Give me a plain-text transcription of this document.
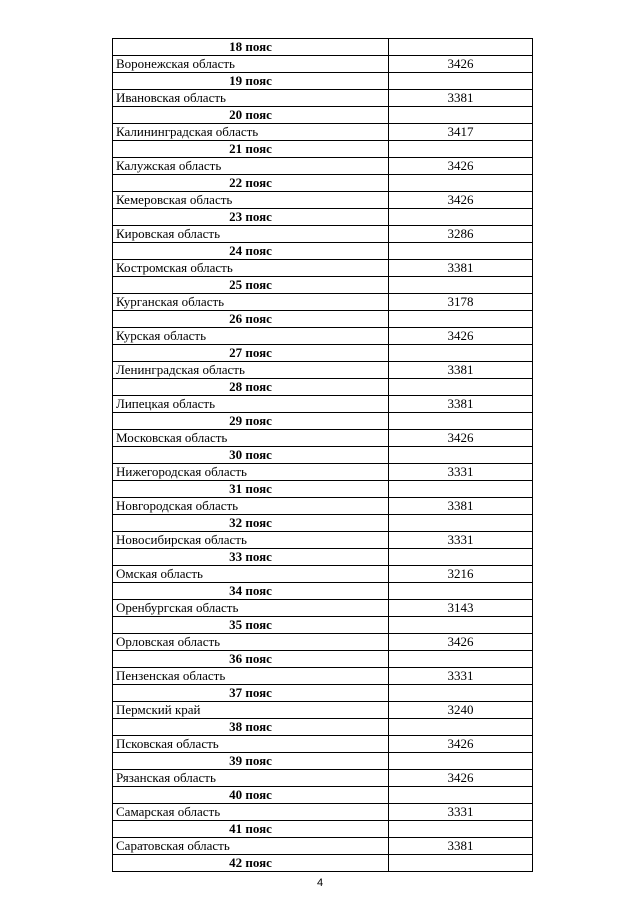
18 пояс	
Воронежская область	3426
19 пояс	
Ивановская область	3381
20 пояс	
Калининградская область	3417
21 пояс	
Калужская область	3426
22 пояс	
Кемеровская область	3426
23 пояс	
Кировская область	3286
24 пояс	
Костромская область	3381
25 пояс	
Курганская область	3178
26 пояс	
Курская область	3426
27 пояс	
Ленинградская область	3381
28 пояс	
Липецкая область	3381
29 пояс	
Московская область	3426
30 пояс	
Нижегородская область	3331
31 пояс	
Новгородская область	3381
32 пояс	
Новосибирская область	3331
33 пояс	
Омская область	3216
34 пояс	
Оренбургская область	3143
35 пояс	
Орловская область	3426
36 пояс	
Пензенская область	3331
37 пояс	
Пермский край	3240
38 пояс	
Псковская область	3426
39 пояс	
Рязанская область	3426
40 пояс	
Самарская область	3331
41 пояс	
Саратовская область	3381
42 пояс	
4
